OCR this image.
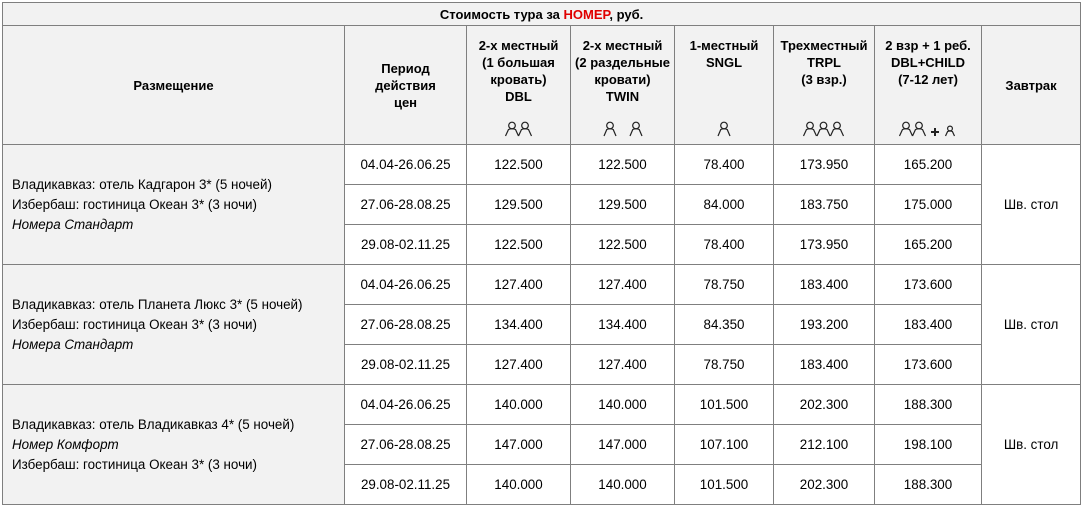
Стоимость тура за НОМЕР, руб.							
Размещение	Период
действия
цен	2-х местный
(1 большая
кровать)
DBL	2-х местный
(2 раздельные
кровати)
TWIN	1-местный
SNGL	Трехместный
TRPL
(3 взр.)	2 взр + 1 реб.
DBL+CHILD
(7-12 лет)	Завтрак

Владикавказ: отель Кадгарон 3* (5 ночей)
Избербаш: гостиница Океан 3* (3 ночи)
Номера Стандарт	04.04-26.06.25	122.500	122.500	78.400	173.950	165.200	Шв. стол
	27.06-28.08.25	129.500	129.500	84.000	183.750	175.000	
	29.08-02.11.25	122.500	122.500	78.400	173.950	165.200	

Владикавказ: отель Планета Люкс 3* (5 ночей)
Избербаш: гостиница Океан 3* (3 ночи)
Номера Стандарт	04.04-26.06.25	127.400	127.400	78.750	183.400	173.600	Шв. стол
	27.06-28.08.25	134.400	134.400	84.350	193.200	183.400	
	29.08-02.11.25	127.400	127.400	78.750	183.400	173.600	

Владикавказ: отель Владикавказ 4* (5 ночей)
Номер Комфорт
Избербаш: гостиница Океан 3* (3 ночи)	04.04-26.06.25	140.000	140.000	101.500	202.300	188.300	Шв. стол
	27.06-28.08.25	147.000	147.000	107.100	212.100	198.100	
	29.08-02.11.25	140.000	140.000	101.500	202.300	188.300	
